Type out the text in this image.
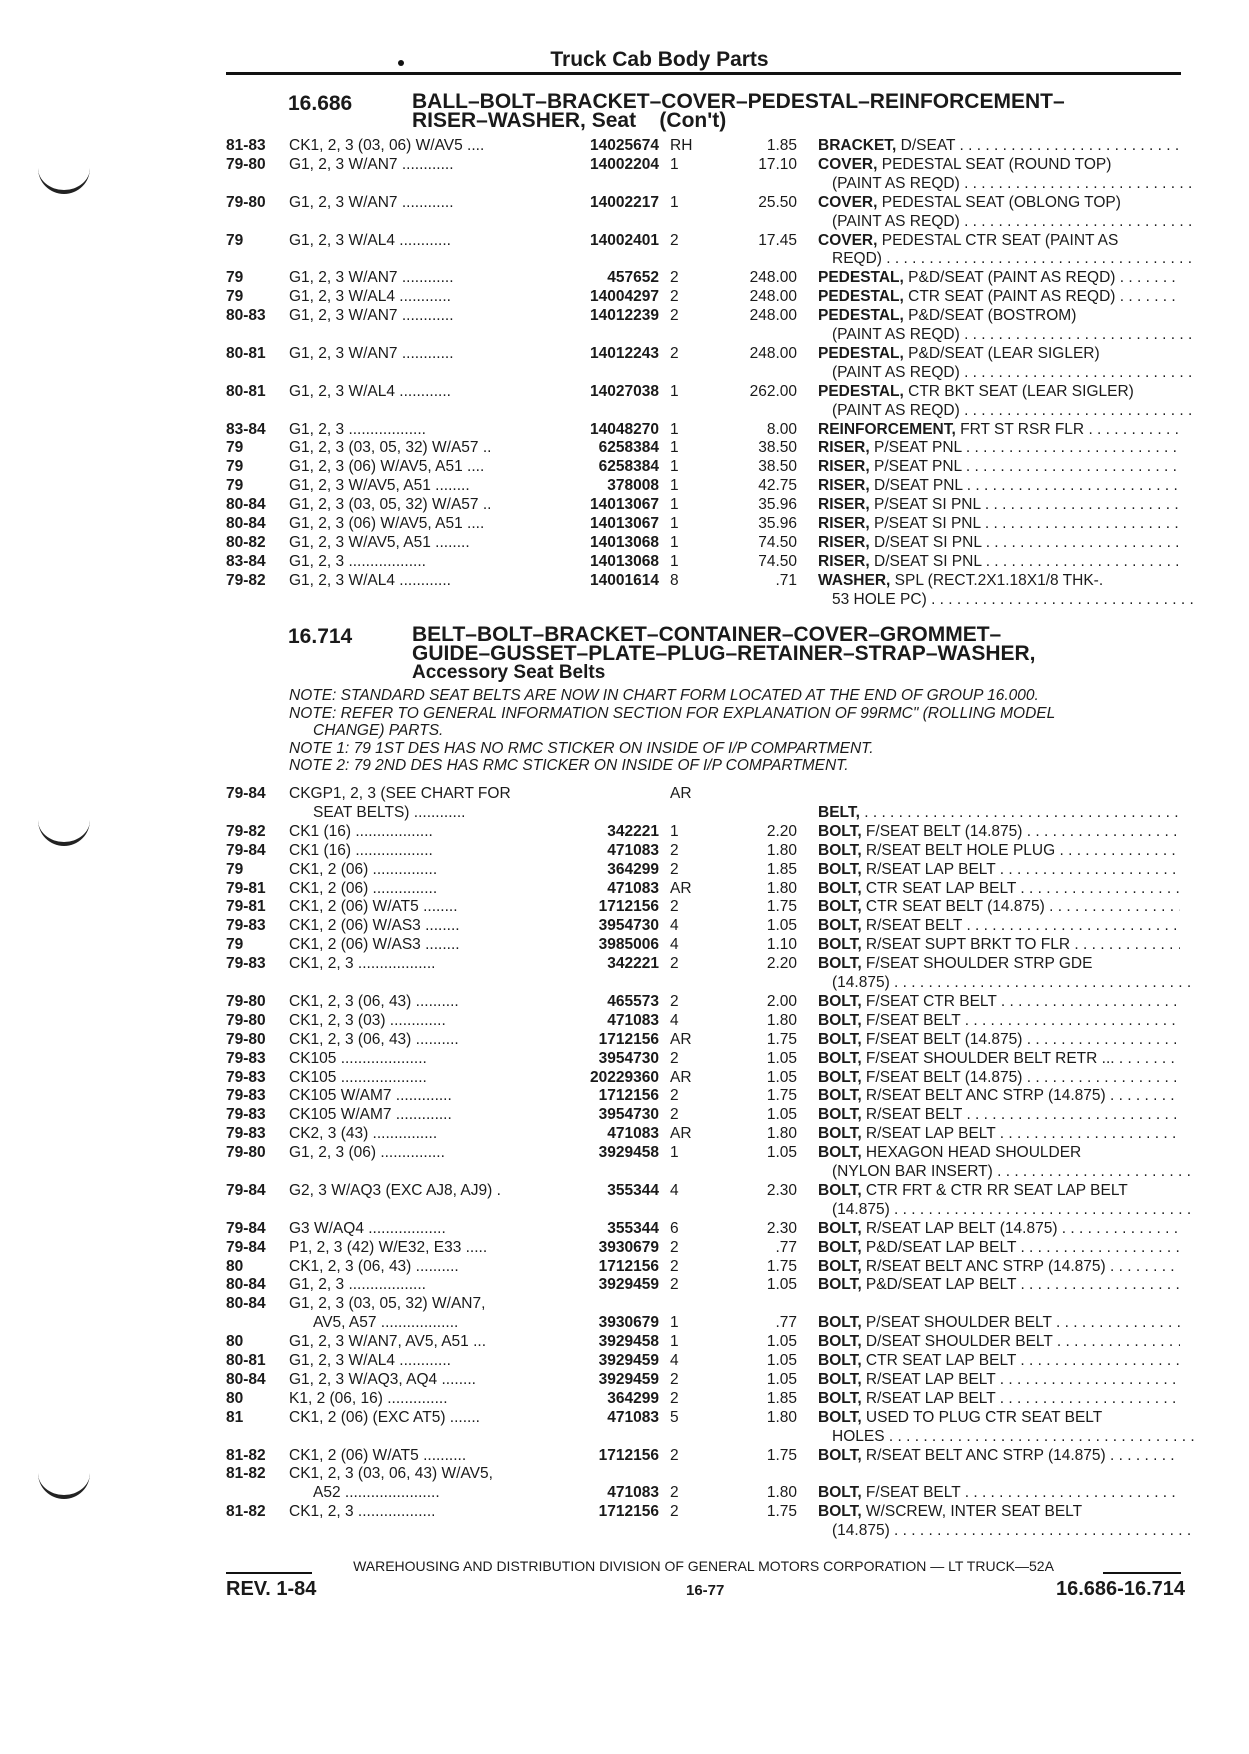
Truck Cab Body Parts
16.686	BALL–BOLT–BRACKET–COVER–PEDESTAL–REINFORCEMENT–
RISER–WASHER, Seat (Con't)
81-83 CK1, 2, 3 (03, 06) W/AV5 ....	14025674 RH	1.85 BRACKET, D/SEAT . . .
79-80 G1, 2, 3 W/AN7 ............	14002204 1	17.10 COVER, PEDESTAL SEAT (ROUND TOP)
(PAINT AS REQD) . . .
79-80 G1, 2, 3 W/AN7 ............	14002217 1	25.50 COVER, PEDESTAL SEAT (OBLONG TOP)
(PAINT AS REQD) . . .
79	G1, 2, 3 W/AL4 ............	14002401 2	17.45 COVER, PEDESTAL CTR SEAT (PAINT AS
REQD) . . .
79	G1, 2, 3 W/AN7 ............	457652 2	248.00 PEDESTAL, P&D/SEAT (PAINT AS REQD) . . .
79	G1, 2, 3 W/AL4 ............	14004297 2	248.00 PEDESTAL, CTR SEAT (PAINT AS REQD) . . . .
80-83 G1, 2, 3 W/AN7 ............	14012239 2	248.00 PEDESTAL, P&D/SEAT (BOSTROM)
(PAINT AS REQD) . . .
80-81 G1, 2, 3 W/AN7 ............	14012243 2	248.00 PEDESTAL, P&D/SEAT (LEAR SIGLER)
(PAINT AS REQD) . . .
80-81 G1, 2, 3 W/AL4 ............	14027038 1	262.00 PEDESTAL, CTR BKT SEAT (LEAR SIGLER)
(PAINT AS REQD) . . .
83-84 G1, 2, 3 ..................	14048270 1	8.00 REINFORCEMENT, FRT ST RSR FLR . . .
79	G1, 2, 3 (03, 05, 32) W/A57 ..	6258384 1	38.50 RISER, P/SEAT PNL . . .
79	G1, 2, 3 (06) W/AV5, A51 ....	6258384 1	38.50 RISER, P/SEAT PNL . . .
79	G1, 2, 3 W/AV5, A51 ........	378008 1	42.75 RISER, D/SEAT PNL . . .
80-84 G1, 2, 3 (03, 05, 32) W/A57 ..	14013067 1	35.96 RISER, P/SEAT SI PNL . . .
80-84 G1, 2, 3 (06) W/AV5, A51 ....	14013067 1	35.96 RISER, P/SEAT SI PNL . . .
80-82 G1, 2, 3 W/AV5, A51 ........	14013068 1	74.50 RISER, D/SEAT SI PNL . . .
83-84 G1, 2, 3 ..................	14013068 1	74.50 RISER, D/SEAT SI PNL . . .
79-82 G1, 2, 3 W/AL4 ............	14001614 8	.71 WASHER, SPL (RECT.2X1.18X1/8 THK-.
53 HOLE PC) . . .
16.714	BELT–BOLT–BRACKET–CONTAINER–COVER–GROMMET–
GUIDE–GUSSET–PLATE–PLUG–RETAINER–STRAP–WASHER,
Accessory Seat Belts
NOTE: STANDARD SEAT BELTS ARE NOW IN CHART FORM LOCATED AT THE END OF GROUP 16.000.
NOTE: REFER TO GENERAL INFORMATION SECTION FOR EXPLANATION OF 99RMC" (ROLLING MODEL
CHANGE) PARTS.
NOTE 1: 79 1ST DES HAS NO RMC STICKER ON INSIDE OF I/P COMPARTMENT.
NOTE 2: 79 2ND DES HAS RMC STICKER ON INSIDE OF I/P COMPARTMENT.
79-84 CKGP1, 2, 3 (SEE CHART FOR	AR
SEAT BELTS) ............	BELT, . . .
79-82 CK1 (16) ..................	342221 1	2.20 BOLT, F/SEAT BELT (14.875) . . .
79-84 CK1 (16) ..................	471083 2	1.80 BOLT, R/SEAT BELT HOLE PLUG . . .
79	CK1, 2 (06) ...............	364299 2	1.85 BOLT, R/SEAT LAP BELT . . .
79-81 CK1, 2 (06) ...............	471083 AR	1.80 BOLT, CTR SEAT LAP BELT . . .
79-81 CK1, 2 (06) W/AT5 ........	1712156 2	1.75 BOLT, CTR SEAT BELT (14.875) . . .
79-83 CK1, 2 (06) W/AS3 ........	3954730 4	1.05 BOLT, R/SEAT BELT . . .
79	CK1, 2 (06) W/AS3 ........	3985006 4	1.10 BOLT, R/SEAT SUPT BRKT TO FLR . . .
79-83 CK1, 2, 3 ..................	342221 2	2.20 BOLT, F/SEAT SHOULDER STRP GDE
(14.875) . . .
79-80 CK1, 2, 3 (06, 43) ..........	465573 2	2.00 BOLT, F/SEAT CTR BELT . . .
79-80 CK1, 2, 3 (03) .............	471083 4	1.80 BOLT, F/SEAT BELT . . .
79-80 CK1, 2, 3 (06, 43) ..........	1712156 AR	1.75 BOLT, F/SEAT BELT (14.875) . . .
79-83 CK105 ....................	3954730 2	1.05 BOLT, F/SEAT SHOULDER BELT RETR ... . . .
79-83 CK105 ....................	20229360 AR	1.05 BOLT, F/SEAT BELT (14.875) . . .
79-83 CK105 W/AM7 .............	1712156 2	1.75 BOLT, R/SEAT BELT ANC STRP (14.875) . . . .
79-83 CK105 W/AM7 .............	3954730 2	1.05 BOLT, R/SEAT BELT . . .
79-83 CK2, 3 (43) ...............	471083 AR	1.80 BOLT, R/SEAT LAP BELT . . .
79-80 G1, 2, 3 (06) ...............	3929458 1	1.05 BOLT, HEXAGON HEAD SHOULDER
(NYLON BAR INSERT) . . .
79-84 G2, 3 W/AQ3 (EXC AJ8, AJ9) .	355344 4	2.30 BOLT, CTR FRT & CTR RR SEAT LAP BELT
(14.875) . . .
79-84 G3 W/AQ4 ..................	355344 6	2.30 BOLT, R/SEAT LAP BELT (14.875) . . .
79-84 P1, 2, 3 (42) W/E32, E33 .....	3930679 2	.77 BOLT, P&D/SEAT LAP BELT . . .
80	CK1, 2, 3 (06, 43) ..........	1712156 2	1.75 BOLT, R/SEAT BELT ANC STRP (14.875) . . . .
80-84 G1, 2, 3 ..................	3929459 2	1.05 BOLT, P&D/SEAT LAP BELT . . .
80-84 G1, 2, 3 (03, 05, 32) W/AN7,
AV5, A57 ..................	3930679 1	.77 BOLT, P/SEAT SHOULDER BELT . . .
80	G1, 2, 3 W/AN7, AV5, A51 ...	3929458 1	1.05 BOLT, D/SEAT SHOULDER BELT . . .
80-81 G1, 2, 3 W/AL4 ............	3929459 4	1.05 BOLT, CTR SEAT LAP BELT . . .
80-84 G1, 2, 3 W/AQ3, AQ4 ........	3929459 2	1.05 BOLT, R/SEAT LAP BELT . . .
80	K1, 2 (06, 16) ..............	364299 2	1.85 BOLT, R/SEAT LAP BELT . . .
81	CK1, 2 (06) (EXC AT5) .......	471083 5	1.80 BOLT, USED TO PLUG CTR SEAT BELT
HOLES . . .
81-82 CK1, 2 (06) W/AT5 ..........	1712156 2	1.75 BOLT, R/SEAT BELT ANC STRP (14.875) . . . .
81-82 CK1, 2, 3 (03, 06, 43) W/AV5,
A52 ......................	471083 2	1.80 BOLT, F/SEAT BELT . . .
81-82 CK1, 2, 3 ..................	1712156 2	1.75 BOLT, W/SCREW, INTER SEAT BELT
(14.875) . . .
WAREHOUSING AND DISTRIBUTION DIVISION OF GENERAL MOTORS CORPORATION — LT TRUCK—52A
REV. 1-84	16-77	16.686-16.714
